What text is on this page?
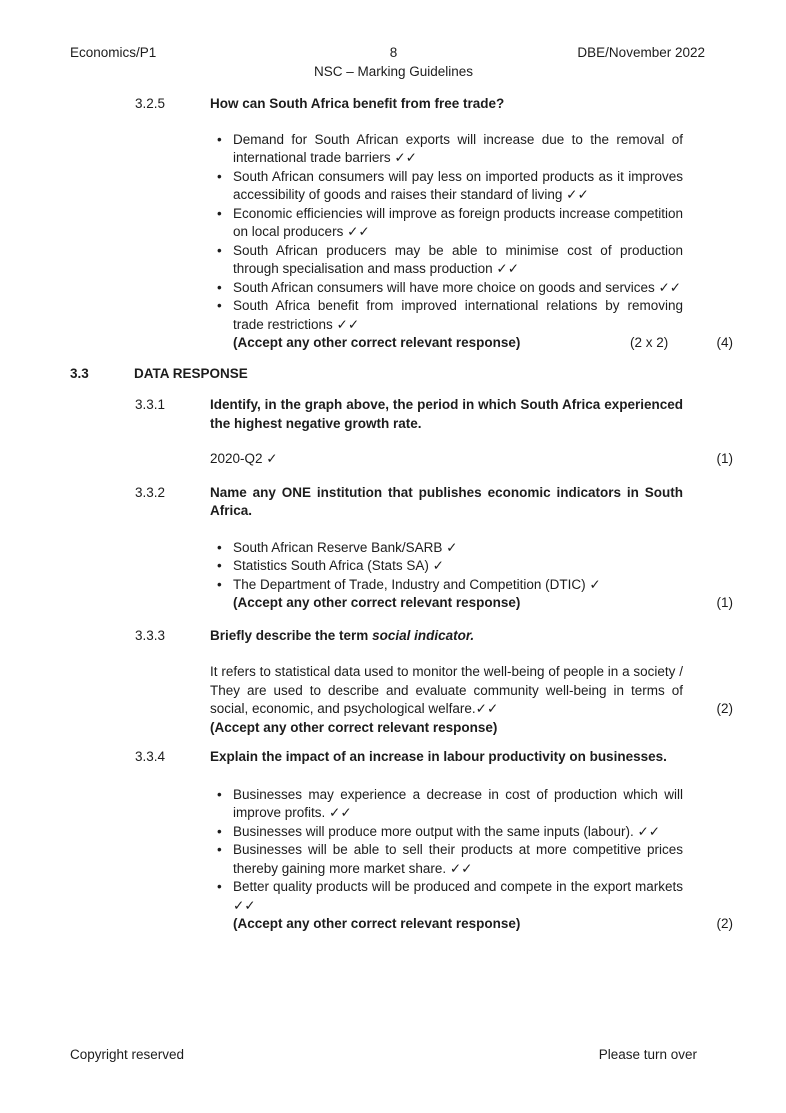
Economics/P1	8
NSC – Marking Guidelines
DBE/November 2022
3.2.5	How can South Africa benefit from free trade?
• Demand for South African exports will increase due to the removal of international trade barriers ✓✓
• South African consumers will pay less on imported products as it improves accessibility of goods and raises their standard of living ✓✓
• Economic efficiencies will improve as foreign products increase competition on local producers ✓✓
• South African producers may be able to minimise cost of production through specialisation and mass production ✓✓
• South African consumers will have more choice on goods and services ✓✓
• South Africa benefit from improved international relations by removing trade restrictions ✓✓
(Accept any other correct relevant response)	(2 x 2)	(4)
3.3	DATA RESPONSE
3.3.1	Identify, in the graph above, the period in which South Africa experienced the highest negative growth rate.
2020-Q2 ✓	(1)
3.3.2	Name any ONE institution that publishes economic indicators in South Africa.
• South African Reserve Bank/SARB ✓
• Statistics South Africa (Stats SA) ✓
• The Department of Trade, Industry and Competition (DTIC) ✓
(Accept any other correct relevant response)	(1)
3.3.3	Briefly describe the term social indicator.
It refers to statistical data used to monitor the well-being of people in a society / They are used to describe and evaluate community well-being in terms of social, economic, and psychological welfare.✓✓	(2)
(Accept any other correct relevant response)
3.3.4	Explain the impact of an increase in labour productivity on businesses.
• Businesses may experience a decrease in cost of production which will improve profits. ✓✓
• Businesses will produce more output with the same inputs (labour). ✓✓
• Businesses will be able to sell their products at more competitive prices thereby gaining more market share. ✓✓
• Better quality products will be produced and compete in the export markets ✓✓
(Accept any other correct relevant response)	(2)
Copyright reserved	Please turn over
